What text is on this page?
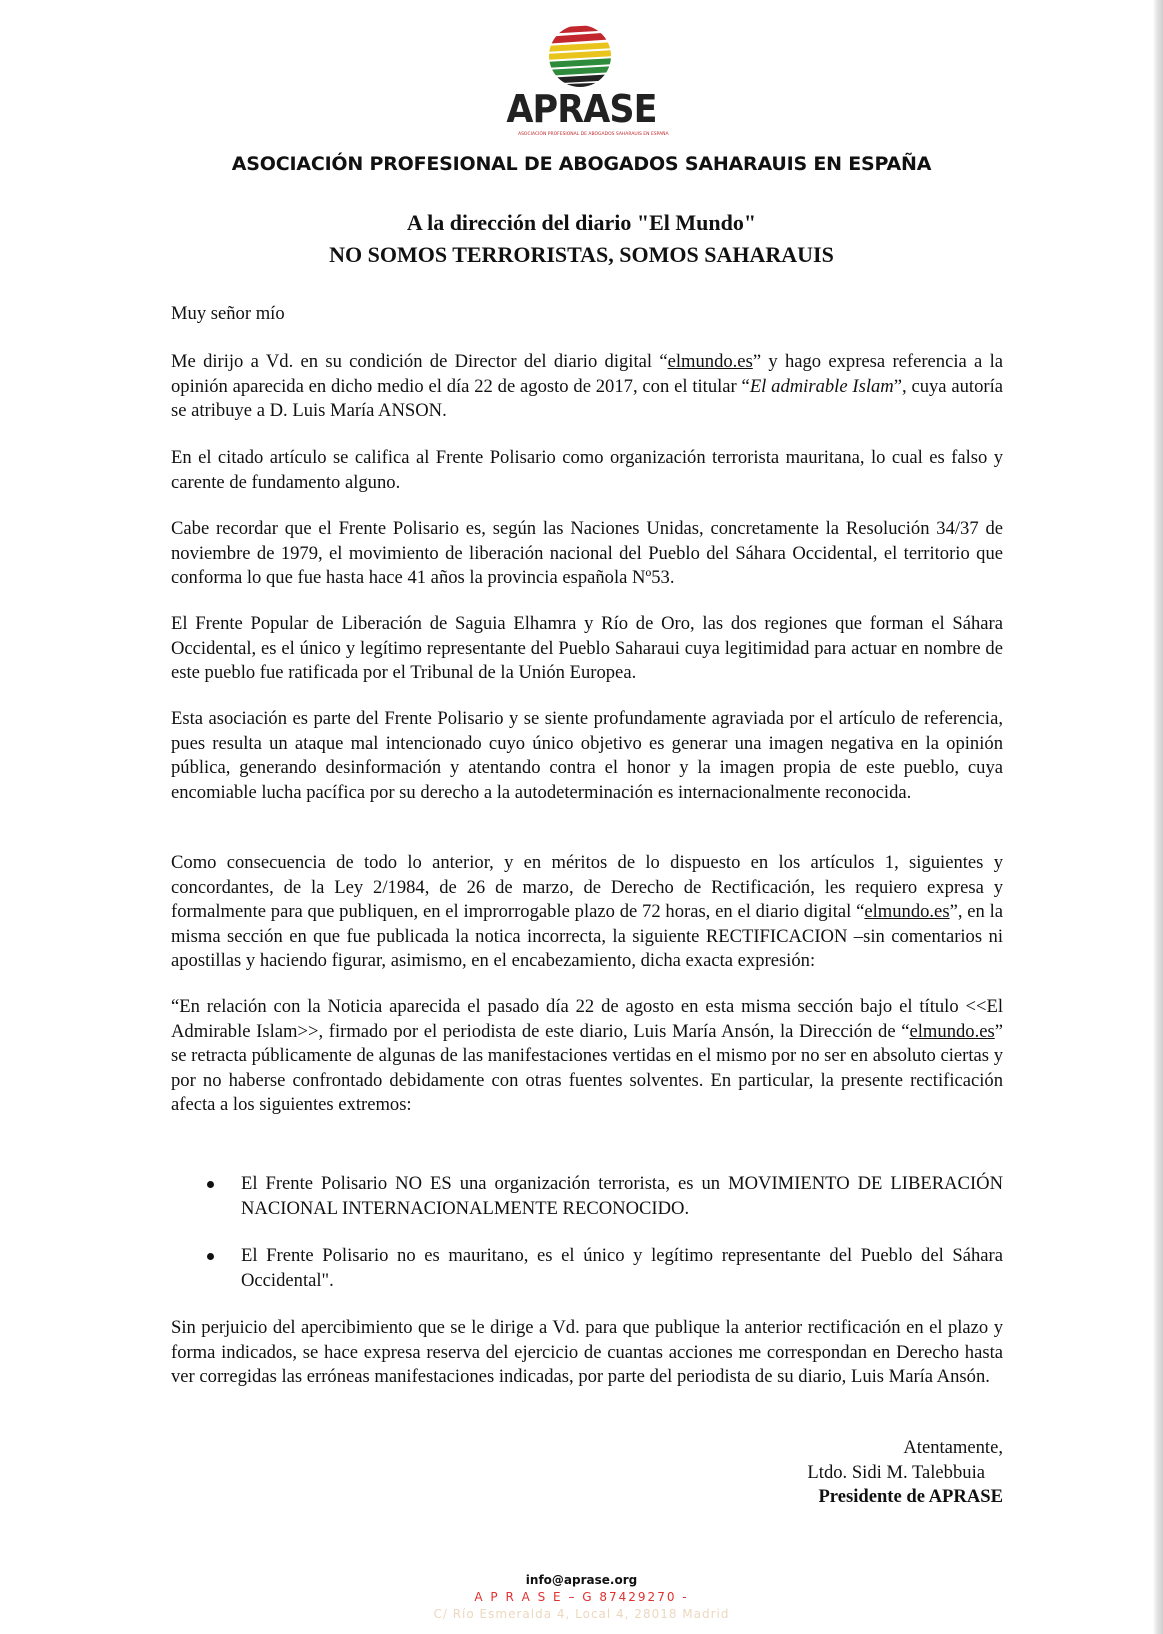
APRASE
ASOCIACIÓN PROFESIONAL DE ABOGADOS SAHARAUIS EN ESPAÑA
ASOCIACIÓN PROFESIONAL DE ABOGADOS SAHARAUIS EN ESPAÑA
A la dirección del diario "El Mundo"
NO SOMOS TERRORISTAS, SOMOS SAHARAUIS
Muy señor mío

Me dirijo a Vd. en su condición de Director del diario digital “elmundo.es” y hago expresa referencia a la opinión aparecida en dicho medio el día 22 de agosto de 2017, con el titular “El admirable Islam”, cuya autoría se atribuye a D. Luis María ANSON.

En el citado artículo se califica al Frente Polisario como organización terrorista mauritana, lo cual es falso y carente de fundamento alguno.
Cabe recordar que el Frente Polisario es, según las Naciones Unidas, concretamente la Resolución 34/37 de noviembre de 1979, el movimiento de liberación nacional del Pueblo del Sáhara Occidental, el territorio que conforma lo que fue hasta hace 41 años la provincia española Nº53.
El Frente Popular de Liberación de Saguia Elhamra y Río de Oro, las dos regiones que forman el Sáhara Occidental, es el único y legítimo representante del Pueblo Saharaui cuya legitimidad para actuar en nombre de este pueblo fue ratificada por el Tribunal de la Unión Europea.
Esta asociación es parte del Frente Polisario y se siente profundamente agraviada por el artículo de referencia, pues resulta un ataque mal intencionado cuyo único objetivo es generar una imagen negativa en la opinión pública, generando desinformación y atentando contra el honor y la imagen propia de este pueblo, cuya encomiable lucha pacífica por su derecho a la autodeterminación es internacionalmente reconocida.

Como consecuencia de todo lo anterior, y en méritos de lo dispuesto en los artículos 1, siguientes y concordantes, de la Ley 2/1984, de 26 de marzo, de Derecho de Rectificación, les requiero expresa y formalmente para que publiquen, en el improrrogable plazo de 72 horas, en el diario digital “elmundo.es”, en la misma sección en que fue publicada la notica incorrecta, la siguiente RECTIFICACION –sin comentarios ni apostillas y haciendo figurar, asimismo, en el encabezamiento, dicha exacta expresión:

“En relación con la Noticia aparecida el pasado día 22 de agosto en esta misma sección bajo el título <<El Admirable Islam>>, firmado por el periodista de este diario, Luis María Ansón, la Dirección de “elmundo.es” se retracta públicamente de algunas de las manifestaciones vertidas en el mismo por no ser en absoluto ciertas y por no haberse confrontado debidamente con otras fuentes solventes. En particular, la presente rectificación afecta a los siguientes extremos:

El Frente Polisario NO ES una organización terrorista, es un MOVIMIENTO DE LIBERACIÓN NACIONAL INTERNACIONALMENTE RECONOCIDO.
El Frente Polisario no es mauritano, es el único y legítimo representante del Pueblo del Sáhara Occidental".
Sin perjuicio del apercibimiento que se le dirige a Vd. para que publique la anterior rectificación en el plazo y forma indicados, se hace expresa reserva del ejercicio de cuantas acciones me correspondan en Derecho hasta ver corregidas las erróneas manifestaciones indicadas, por parte del periodista de su diario, Luis María Ansón.
Atentamente,
Ltdo. Sidi M. Talebbuia
Presidente de APRASE
info@aprase.org
A P R A S E – G 87429270 -
C/ Río Esmeralda 4, Local 4, 28018 Madrid
